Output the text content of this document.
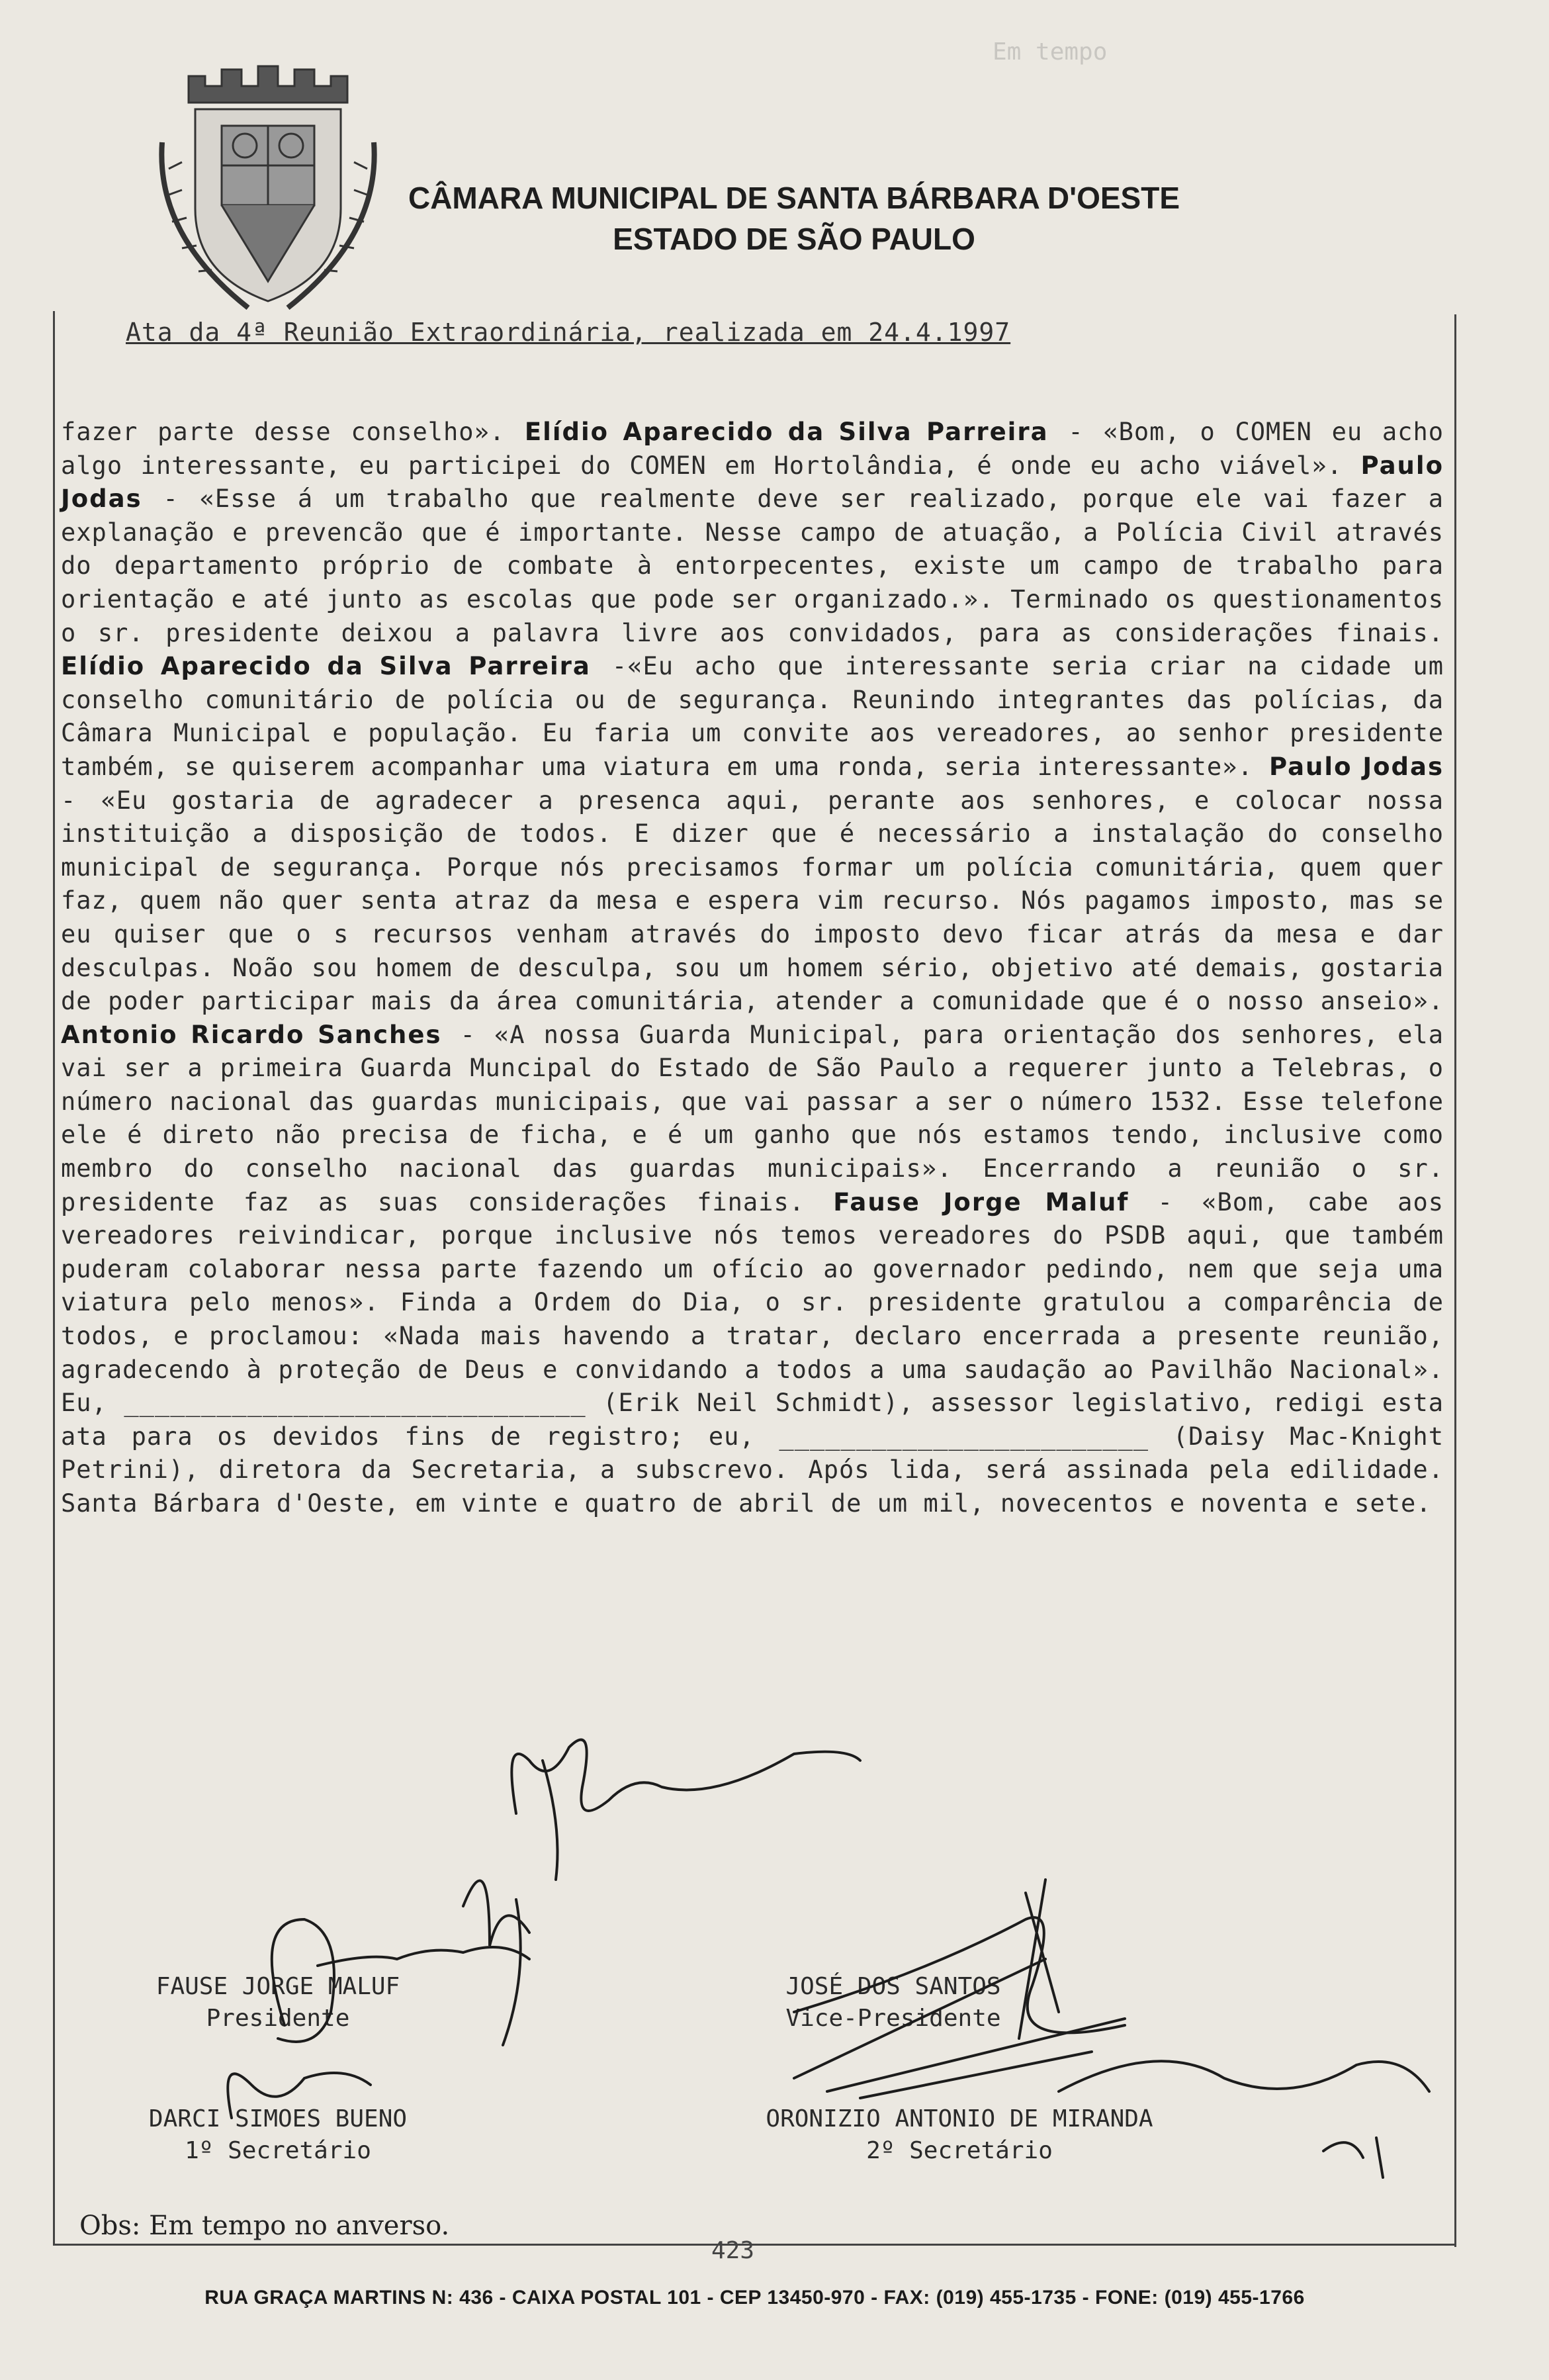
CÂMARA MUNICIPAL DE SANTA BÁRBARA D'OESTE
ESTADO DE SÃO PAULO
Ata da 4ª Reunião Extraordinária, realizada em 24.4.1997
fazer parte desse conselho». Elídio Aparecido da Silva Parreira - «Bom, o COMEN eu acho algo interessante, eu participei do COMEN em Hortolândia, é onde eu acho viável». Paulo Jodas - «Esse á um trabalho que realmente deve ser realizado, porque ele vai fazer a explanação e prevencão que é importante. Nesse campo de atuação, a Polícia Civil através do departamento próprio de combate à entorpecentes, existe um campo de trabalho para orientação e até junto as escolas que pode ser organizado.». Terminado os questionamentos o sr. presidente deixou a palavra livre aos convidados, para as considerações finais. Elídio Aparecido da Silva Parreira -«Eu acho que interessante seria criar na cidade um conselho comunitário de polícia ou de segurança. Reunindo integrantes das polícias, da Câmara Municipal e população. Eu faria um convite aos vereadores, ao senhor presidente também, se quiserem acompanhar uma viatura em uma ronda, seria interessante». Paulo Jodas - «Eu gostaria de agradecer a presenca aqui, perante aos senhores, e colocar nossa instituição a disposição de todos. E dizer que é necessário a instalação do conselho municipal de segurança. Porque nós precisamos formar um polícia comunitária, quem quer faz, quem não quer senta atraz da mesa e espera vim recurso. Nós pagamos imposto, mas se eu quiser que o s recursos venham através do imposto devo ficar atrás da mesa e dar desculpas. Noão sou homem de desculpa, sou um homem sério, objetivo até demais, gostaria de poder participar mais da área comunitária, atender a comunidade que é o nosso anseio». Antonio Ricardo Sanches - «A nossa Guarda Municipal, para orientação dos senhores, ela vai ser a primeira Guarda Muncipal do Estado de São Paulo a requerer junto a Telebras, o número nacional das guardas municipais, que vai passar a ser o número 1532. Esse telefone ele é direto não precisa de ficha, e é um ganho que nós estamos tendo, inclusive como membro do conselho nacional das guardas municipais». Encerrando a reunião o sr. presidente faz as suas considerações finais. Fause Jorge Maluf - «Bom, cabe aos vereadores reivindicar, porque inclusive nós temos vereadores do PSDB aqui, que também puderam colaborar nessa parte fazendo um ofício ao governador pedindo, nem que seja uma viatura pelo menos». Finda a Ordem do Dia, o sr. presidente gratulou a comparência de todos, e proclamou: «Nada mais havendo a tratar, declaro encerrada a presente reunião, agradecendo à proteção de Deus e convidando a todos a uma saudação ao Pavilhão Nacional». Eu, ______________________________ (Erik Neil Schmidt), assessor legislativo, redigi esta ata para os devidos fins de registro; eu, ________________________ (Daisy Mac-Knight Petrini), diretora da Secretaria, a subscrevo. Após lida, será assinada pela edilidade. Santa Bárbara d'Oeste, em vinte e quatro de abril de um mil, novecentos e noventa e sete.
FAUSE JORGE MALUF
Presidente
JOSÉ DOS SANTOS
Vice-Presidente
DARCI SIMOES BUENO
1º Secretário
ORONIZIO ANTONIO DE MIRANDA
2º Secretário
Obs: Em tempo no anverso.
423
RUA GRAÇA MARTINS N: 436 - CAIXA POSTAL 101 - CEP 13450-970 - FAX: (019) 455-1735 - FONE: (019) 455-1766
Em tempo
